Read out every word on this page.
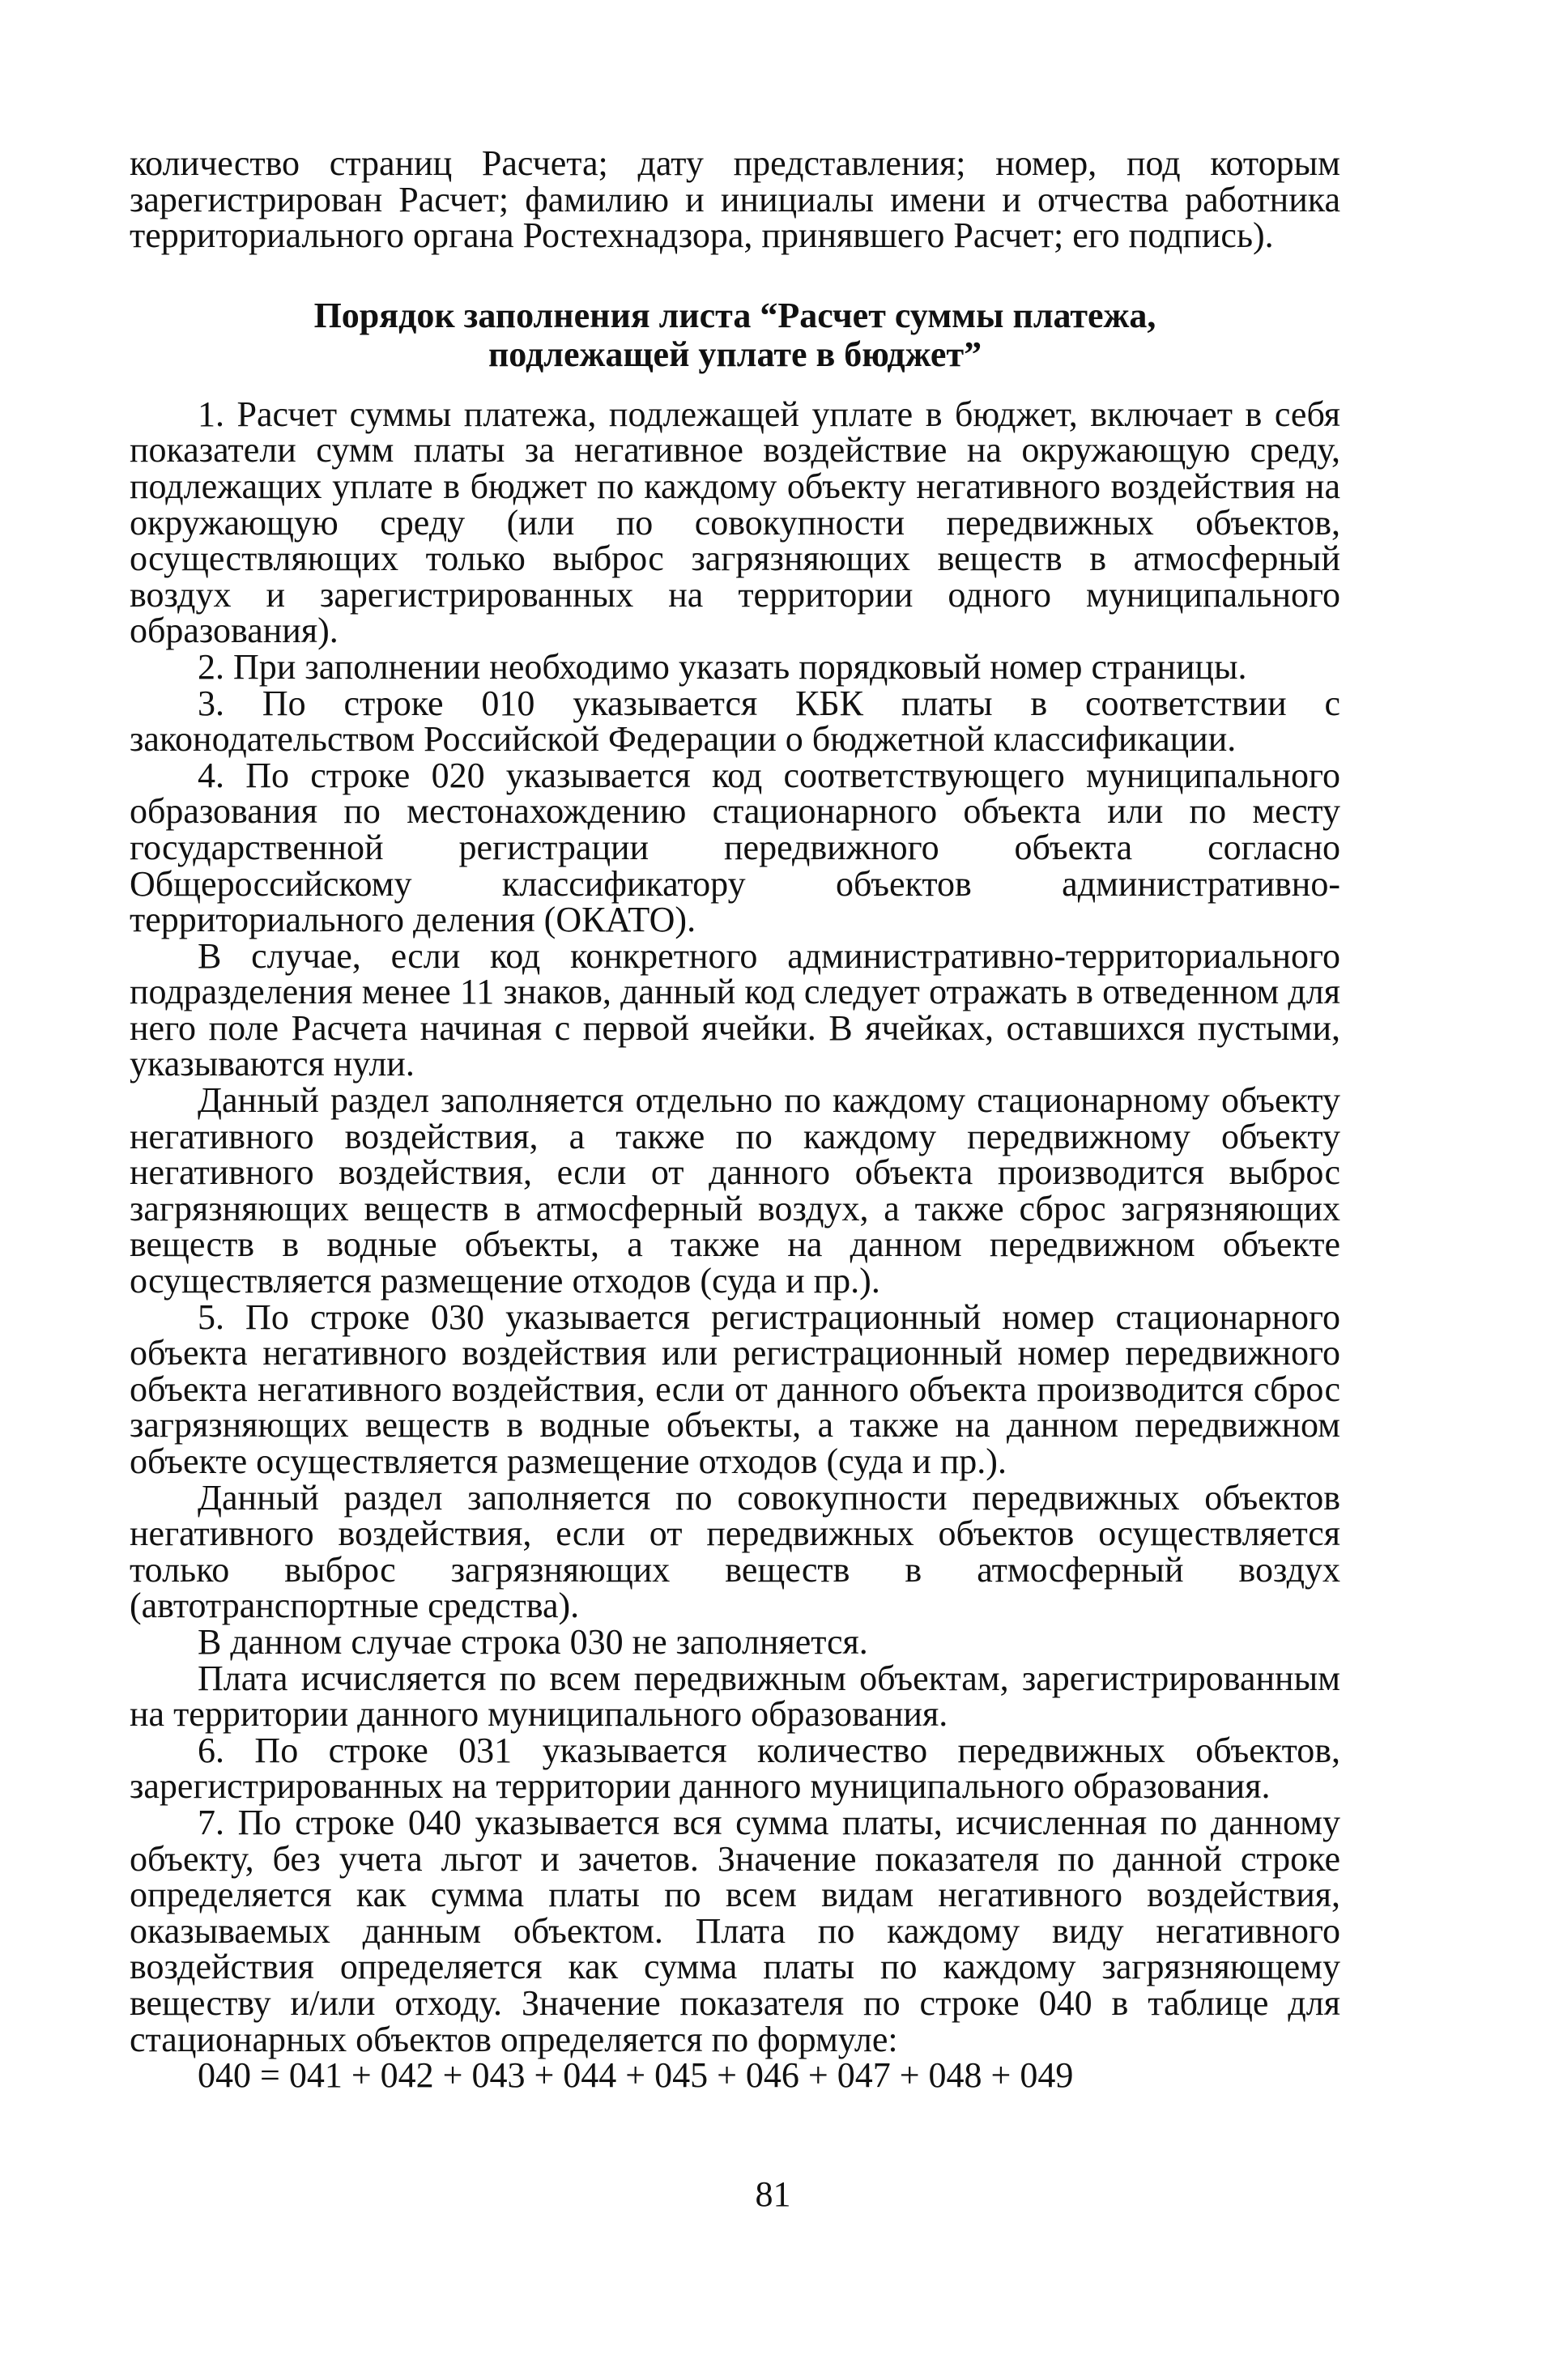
количество страниц Расчета; дату представления; номер, под которым зарегистрирован Расчет; фамилию и инициалы имени и отчества работника территориального органа Ростехнадзора, принявшего Расчет; его подпись).

Порядок заполнения листа “Расчет суммы платежа,
подлежащей уплате в бюджет”

1. Расчет суммы платежа, подлежащей уплате в бюджет, включает в себя показатели сумм платы за негативное воздействие на окружающую среду, подлежащих уплате в бюджет по каждому объекту негативного воздействия на окружающую среду (или по совокупности передвижных объектов, осуществляющих только выброс загрязняющих веществ в атмосферный воздух и зарегистрированных на территории одного муниципального образования).

2. При заполнении необходимо указать порядковый номер страницы.

3. По строке 010 указывается КБК платы в соответствии с законодательством Российской Федерации о бюджетной классификации.

4. По строке 020 указывается код соответствующего муниципального образования по местонахождению стационарного объекта или по месту государственной регистрации передвижного объекта согласно Общероссийскому классификатору объектов административно-территориального деления (ОКАТО).

В случае, если код конкретного административно-территориального подразделения менее 11 знаков, данный код следует отражать в отведенном для него поле Расчета начиная с первой ячейки. В ячейках, оставшихся пустыми, указываются нули.

Данный раздел заполняется отдельно по каждому стационарному объекту негативного воздействия, а также по каждому передвижному объекту негативного воздействия, если от данного объекта производится выброс загрязняющих веществ в атмосферный воздух, а также сброс загрязняющих веществ в водные объекты, а также на данном передвижном объекте осуществляется размещение отходов (суда и пр.).

5. По строке 030 указывается регистрационный номер стационарного объекта негативного воздействия или регистрационный номер передвижного объекта негативного воздействия, если от данного объекта производится сброс загрязняющих веществ в водные объекты, а также на данном передвижном объекте осуществляется размещение отходов (суда и пр.).

Данный раздел заполняется по совокупности передвижных объектов негативного воздействия, если от передвижных объектов осуществляется только выброс загрязняющих веществ в атмосферный воздух (автотранспортные средства).

В данном случае строка 030 не заполняется.

Плата исчисляется по всем передвижным объектам, зарегистрированным на территории данного муниципального образования.

6. По строке 031 указывается количество передвижных объектов, зарегистрированных на территории данного муниципального образования.

7. По строке 040 указывается вся сумма платы, исчисленная по данному объекту, без учета льгот и зачетов. Значение показателя по данной строке определяется как сумма платы по всем видам негативного воздействия, оказываемых данным объектом. Плата по каждому виду негативного воздействия определяется как сумма платы по каждому загрязняющему веществу и/или отходу. Значение показателя по строке 040 в таблице для стационарных объектов определяется по формуле:

040 = 041 + 042 + 043 + 044 + 045 + 046 + 047 + 048 + 049

81
